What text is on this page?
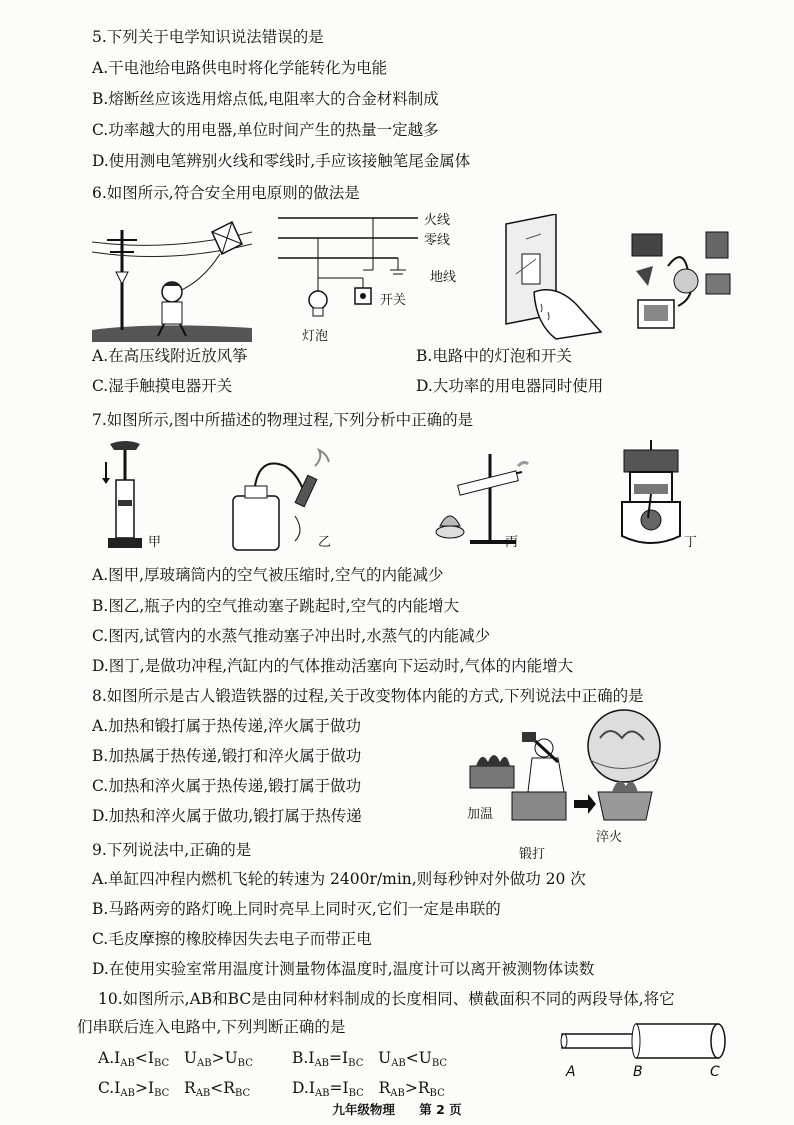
5.下列关于电学知识说法错误的是
A.干电池给电路供电时将化学能转化为电能
B.熔断丝应该选用熔点低,电阻率大的合金材料制成
C.功率越大的用电器,单位时间产生的热量一定越多
D.使用测电笔辨别火线和零线时,手应该接触笔尾金属体
6.如图所示,符合安全用电原则的做法是
火线
零线
地线
灯泡
开关
A.在高压线附近放风筝	B.电路中的灯泡和开关
C.湿手触摸电器开关	D.大功率的用电器同时使用
7.如图所示,图中所描述的物理过程,下列分析中正确的是
甲	乙	丙	丁
A.图甲,厚玻璃筒内的空气被压缩时,空气的内能减少
B.图乙,瓶子内的空气推动塞子跳起时,空气的内能增大
C.图丙,试管内的水蒸气推动塞子冲出时,水蒸气的内能减少
D.图丁,是做功冲程,汽缸内的气体推动活塞向下运动时,气体的内能增大
8.如图所示是古人锻造铁器的过程,关于改变物体内能的方式,下列说法中正确的是
A.加热和锻打属于热传递,淬火属于做功
B.加热属于热传递,锻打和淬火属于做功
C.加热和淬火属于热传递,锻打属于做功
D.加热和淬火属于做功,锻打属于热传递	加温
锻打
淬火
9.下列说法中,正确的是
A.单缸四冲程内燃机飞轮的转速为 2400r/min,则每秒钟对外做功 20 次
B.马路两旁的路灯晚上同时亮早上同时灭,它们一定是串联的
C.毛皮摩擦的橡胶棒因失去电子而带正电
D.在使用实验室常用温度计测量物体温度时,温度计可以离开被测物体读数
10.如图所示,AB和BC是由同种材料制成的长度相同、横截面积不同的两段导体,将它
们串联后连入电路中,下列判断正确的是
$A.I_{AB}<I_{BC}$ $U_{AB}>U_{BC}$	$B.I_{AB}=I_{BC}$ $U_{AB}<U_{BC}$
$C.I_{AB}>I_{BC}$ $R_{AB}<R_{BC}$	$D.I_{AB}=I_{BC}$ $R_{AB}>R_{BC}$
A	B	C
九年级物理 第 2 页
